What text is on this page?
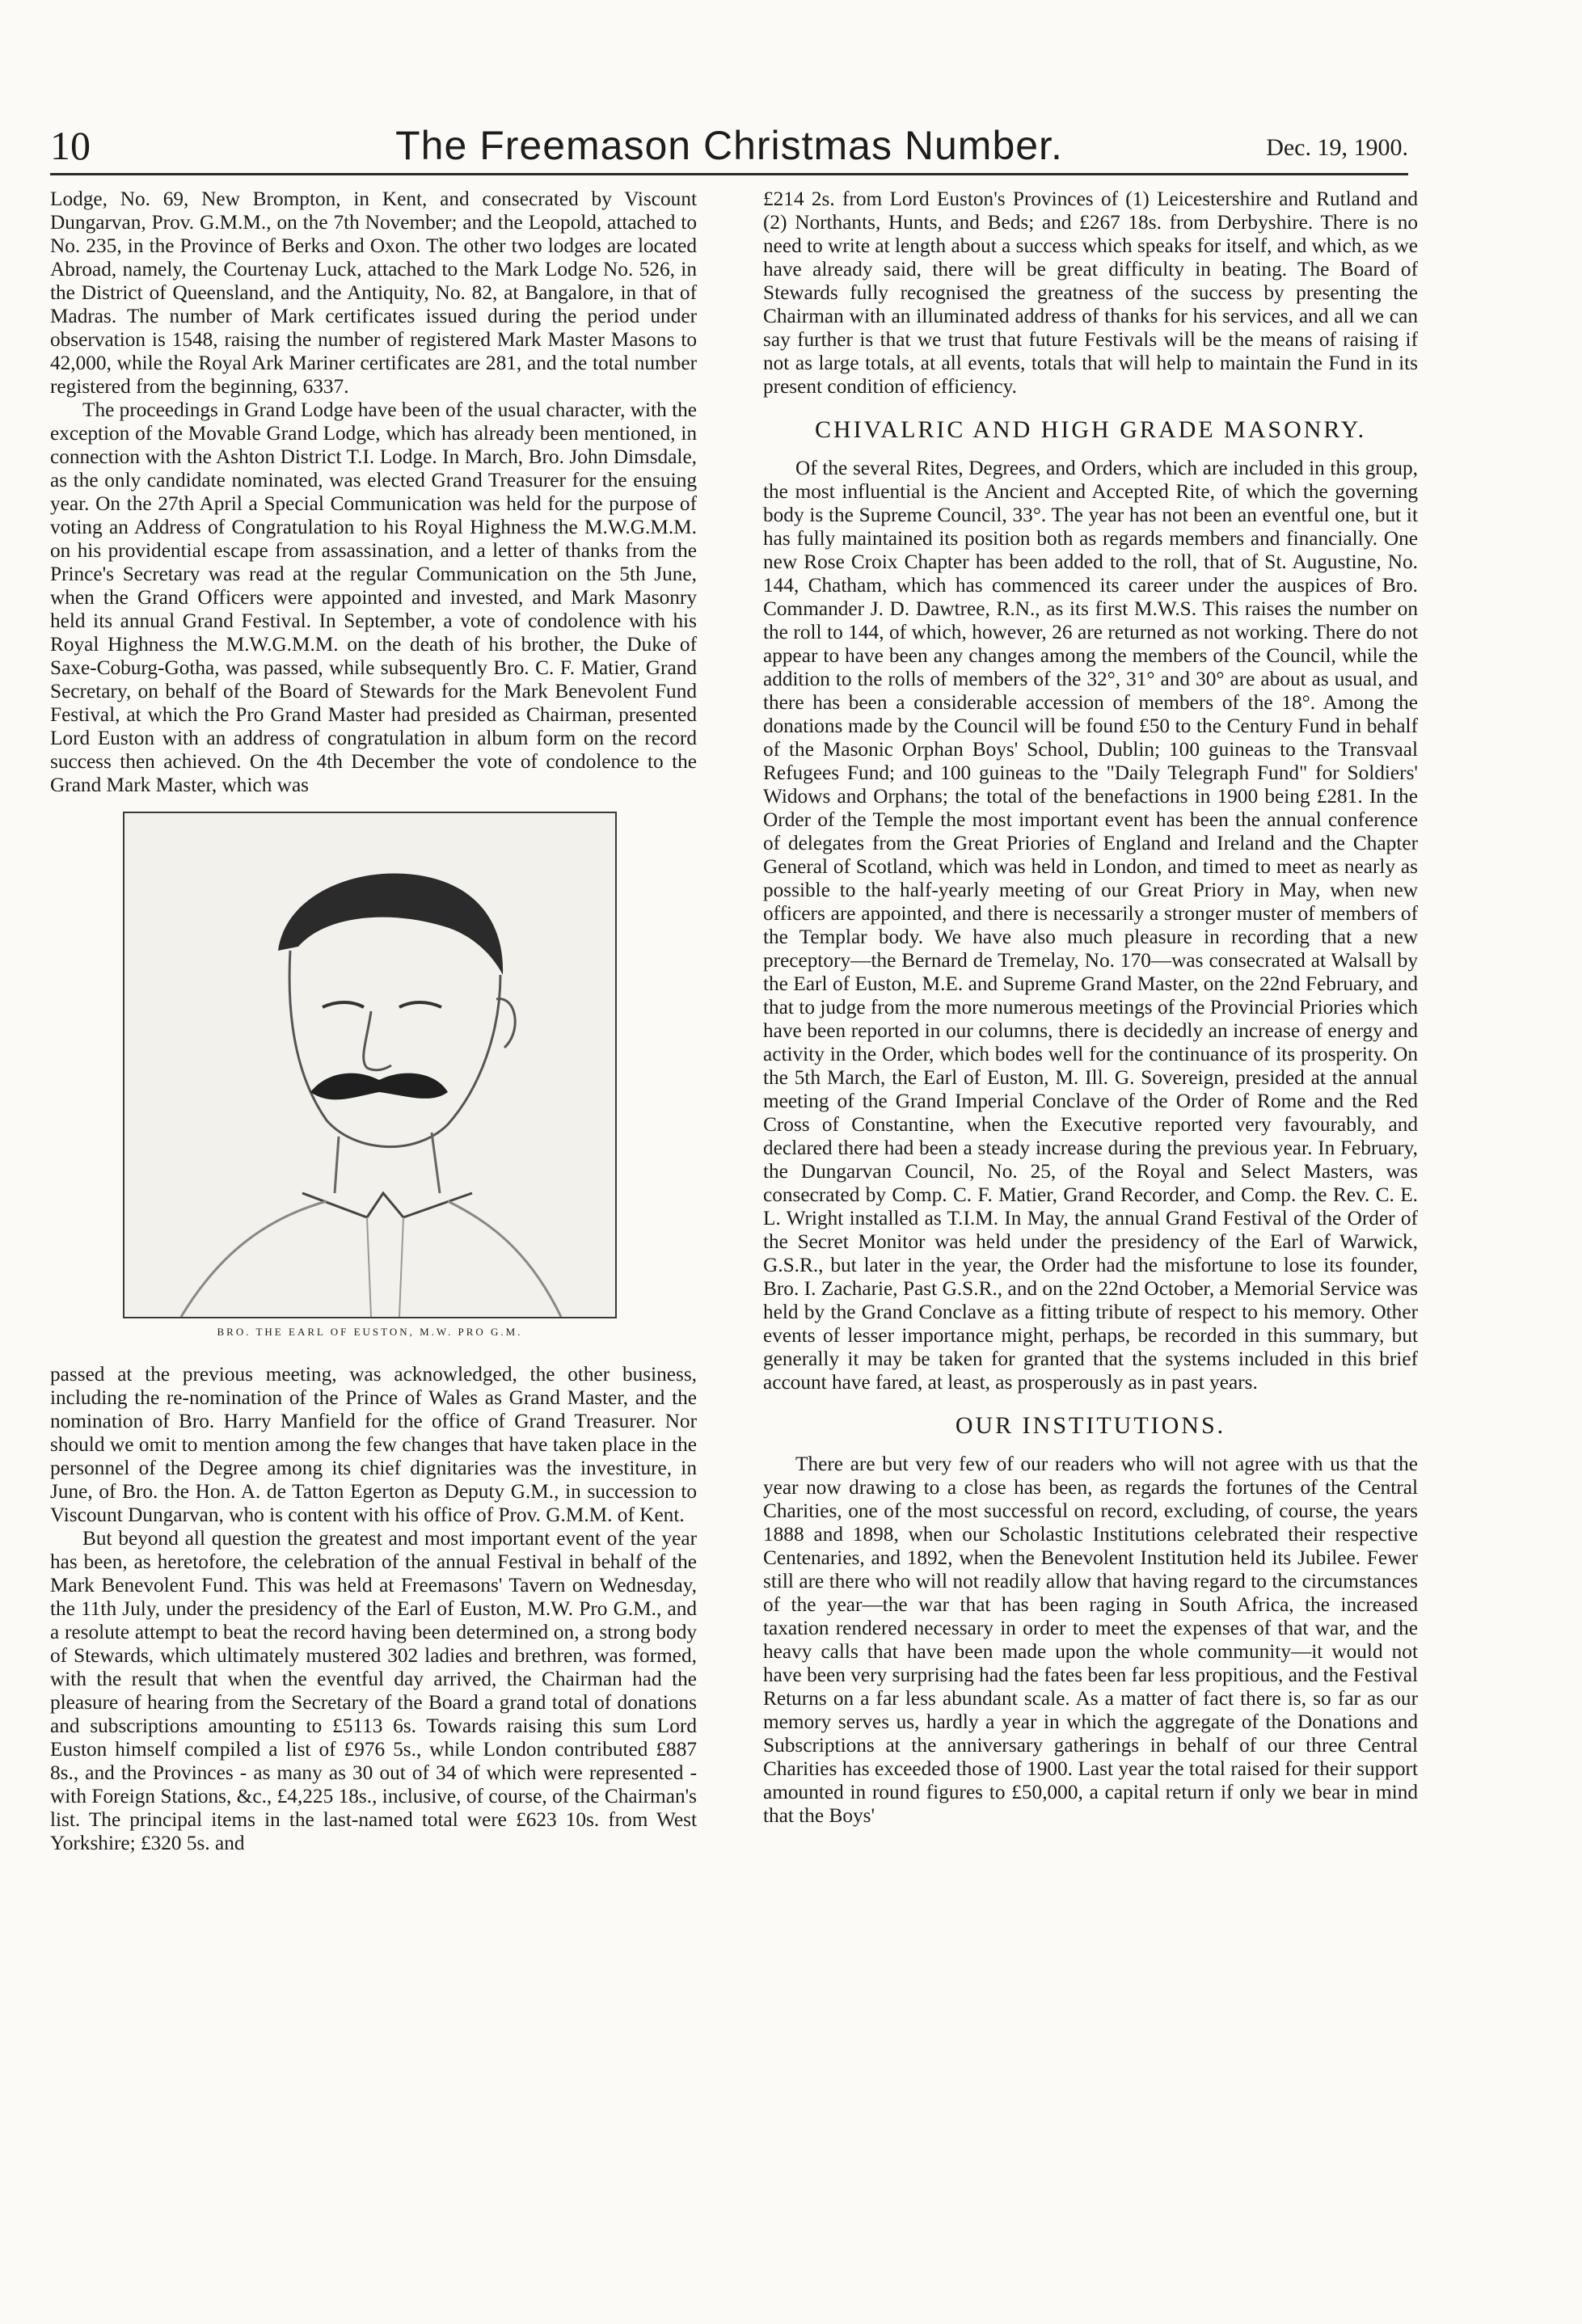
10	The Freemason Christmas Number.	Dec. 19, 1900.

Lodge, No. 69, New Brompton, in Kent, and consecrated by Viscount Dungarvan, Prov. G.M.M., on the 7th November; and the Leopold, attached to No. 235, in the Province of Berks and Oxon. The other two lodges are located Abroad, namely, the Courtenay Luck, attached to the Mark Lodge No. 526, in the District of Queensland, and the Antiquity, No. 82, at Bangalore, in that of Madras. The number of Mark certificates issued during the period under observation is 1548, raising the number of registered Mark Master Masons to 42,000, while the Royal Ark Mariner certificates are 281, and the total number registered from the beginning, 6337.

The proceedings in Grand Lodge have been of the usual character, with the exception of the Movable Grand Lodge, which has already been mentioned, in connection with the Ashton District T.I. Lodge. In March, Bro. John Dimsdale, as the only candidate nominated, was elected Grand Treasurer for the ensuing year. On the 27th April a Special Communication was held for the purpose of voting an Address of Congratulation to his Royal Highness the M.W.G.M.M. on his providential escape from assassination, and a letter of thanks from the Prince's Secretary was read at the regular Communication on the 5th June, when the Grand Officers were appointed and invested, and Mark Masonry held its annual Grand Festival. In September, a vote of condolence with his Royal Highness the M.W.G.M.M. on the death of his brother, the Duke of Saxe-Coburg-Gotha, was passed, while subsequently Bro. C. F. Matier, Grand Secretary, on behalf of the Board of Stewards for the Mark Benevolent Fund Festival, at which the Pro Grand Master had presided as Chairman, presented Lord Euston with an address of congratulation in album form on the record success then achieved. On the 4th December the vote of condolence to the Grand Mark Master, which was

BRO. THE EARL OF EUSTON, M.W. PRO G.M.

passed at the previous meeting, was acknowledged, the other business, including the re-nomination of the Prince of Wales as Grand Master, and the nomination of Bro. Harry Manfield for the office of Grand Treasurer. Nor should we omit to mention among the few changes that have taken place in the personnel of the Degree among its chief dignitaries was the investiture, in June, of Bro. the Hon. A. de Tatton Egerton as Deputy G.M., in succession to Viscount Dungarvan, who is content with his office of Prov. G.M.M. of Kent.

But beyond all question the greatest and most important event of the year has been, as heretofore, the celebration of the annual Festival in behalf of the Mark Benevolent Fund. This was held at Freemasons' Tavern on Wednesday, the 11th July, under the presidency of the Earl of Euston, M.W. Pro G.M., and a resolute attempt to beat the record having been determined on, a strong body of Stewards, which ultimately mustered 302 ladies and brethren, was formed, with the result that when the eventful day arrived, the Chairman had the pleasure of hearing from the Secretary of the Board a grand total of donations and subscriptions amounting to £5113 6s. Towards raising this sum Lord Euston himself compiled a list of £976 5s., while London contributed £887 8s., and the Provinces - as many as 30 out of 34 of which were represented - with Foreign Stations, &c., £4,225 18s., inclusive, of course, of the Chairman's list. The principal items in the last-named total were £623 10s. from West Yorkshire; £320 5s. and

£214 2s. from Lord Euston's Provinces of (1) Leicestershire and Rutland and (2) Northants, Hunts, and Beds; and £267 18s. from Derbyshire. There is no need to write at length about a success which speaks for itself, and which, as we have already said, there will be great difficulty in beating. The Board of Stewards fully recognised the greatness of the success by presenting the Chairman with an illuminated address of thanks for his services, and all we can say further is that we trust that future Festivals will be the means of raising if not as large totals, at all events, totals that will help to maintain the Fund in its present condition of efficiency.

CHIVALRIC AND HIGH GRADE MASONRY.

Of the several Rites, Degrees, and Orders, which are included in this group, the most influential is the Ancient and Accepted Rite, of which the governing body is the Supreme Council, 33°. The year has not been an eventful one, but it has fully maintained its position both as regards members and financially. One new Rose Croix Chapter has been added to the roll, that of St. Augustine, No. 144, Chatham, which has commenced its career under the auspices of Bro. Commander J. D. Dawtree, R.N., as its first M.W.S. This raises the number on the roll to 144, of which, however, 26 are returned as not working. There do not appear to have been any changes among the members of the Council, while the addition to the rolls of members of the 32°, 31° and 30° are about as usual, and there has been a considerable accession of members of the 18°. Among the donations made by the Council will be found £50 to the Century Fund in behalf of the Masonic Orphan Boys' School, Dublin; 100 guineas to the Transvaal Refugees Fund; and 100 guineas to the "Daily Telegraph Fund" for Soldiers' Widows and Orphans; the total of the benefactions in 1900 being £281. In the Order of the Temple the most important event has been the annual conference of delegates from the Great Priories of England and Ireland and the Chapter General of Scotland, which was held in London, and timed to meet as nearly as possible to the half-yearly meeting of our Great Priory in May, when new officers are appointed, and there is necessarily a stronger muster of members of the Templar body. We have also much pleasure in recording that a new preceptory—the Bernard de Tremelay, No. 170—was consecrated at Walsall by the Earl of Euston, M.E. and Supreme Grand Master, on the 22nd February, and that to judge from the more numerous meetings of the Provincial Priories which have been reported in our columns, there is decidedly an increase of energy and activity in the Order, which bodes well for the continuance of its prosperity. On the 5th March, the Earl of Euston, M. Ill. G. Sovereign, presided at the annual meeting of the Grand Imperial Conclave of the Order of Rome and the Red Cross of Constantine, when the Executive reported very favourably, and declared there had been a steady increase during the previous year. In February, the Dungarvan Council, No. 25, of the Royal and Select Masters, was consecrated by Comp. C. F. Matier, Grand Recorder, and Comp. the Rev. C. E. L. Wright installed as T.I.M. In May, the annual Grand Festival of the Order of the Secret Monitor was held under the presidency of the Earl of Warwick, G.S.R., but later in the year, the Order had the misfortune to lose its founder, Bro. I. Zacharie, Past G.S.R., and on the 22nd October, a Memorial Service was held by the Grand Conclave as a fitting tribute of respect to his memory. Other events of lesser importance might, perhaps, be recorded in this summary, but generally it may be taken for granted that the systems included in this brief account have fared, at least, as prosperously as in past years.

OUR INSTITUTIONS.

There are but very few of our readers who will not agree with us that the year now drawing to a close has been, as regards the fortunes of the Central Charities, one of the most successful on record, excluding, of course, the years 1888 and 1898, when our Scholastic Institutions celebrated their respective Centenaries, and 1892, when the Benevolent Institution held its Jubilee. Fewer still are there who will not readily allow that having regard to the circumstances of the year—the war that has been raging in South Africa, the increased taxation rendered necessary in order to meet the expenses of that war, and the heavy calls that have been made upon the whole community—it would not have been very surprising had the fates been far less propitious, and the Festival Returns on a far less abundant scale. As a matter of fact there is, so far as our memory serves us, hardly a year in which the aggregate of the Donations and Subscriptions at the anniversary gatherings in behalf of our three Central Charities has exceeded those of 1900. Last year the total raised for their support amounted in round figures to £50,000, a capital return if only we bear in mind that the Boys'
